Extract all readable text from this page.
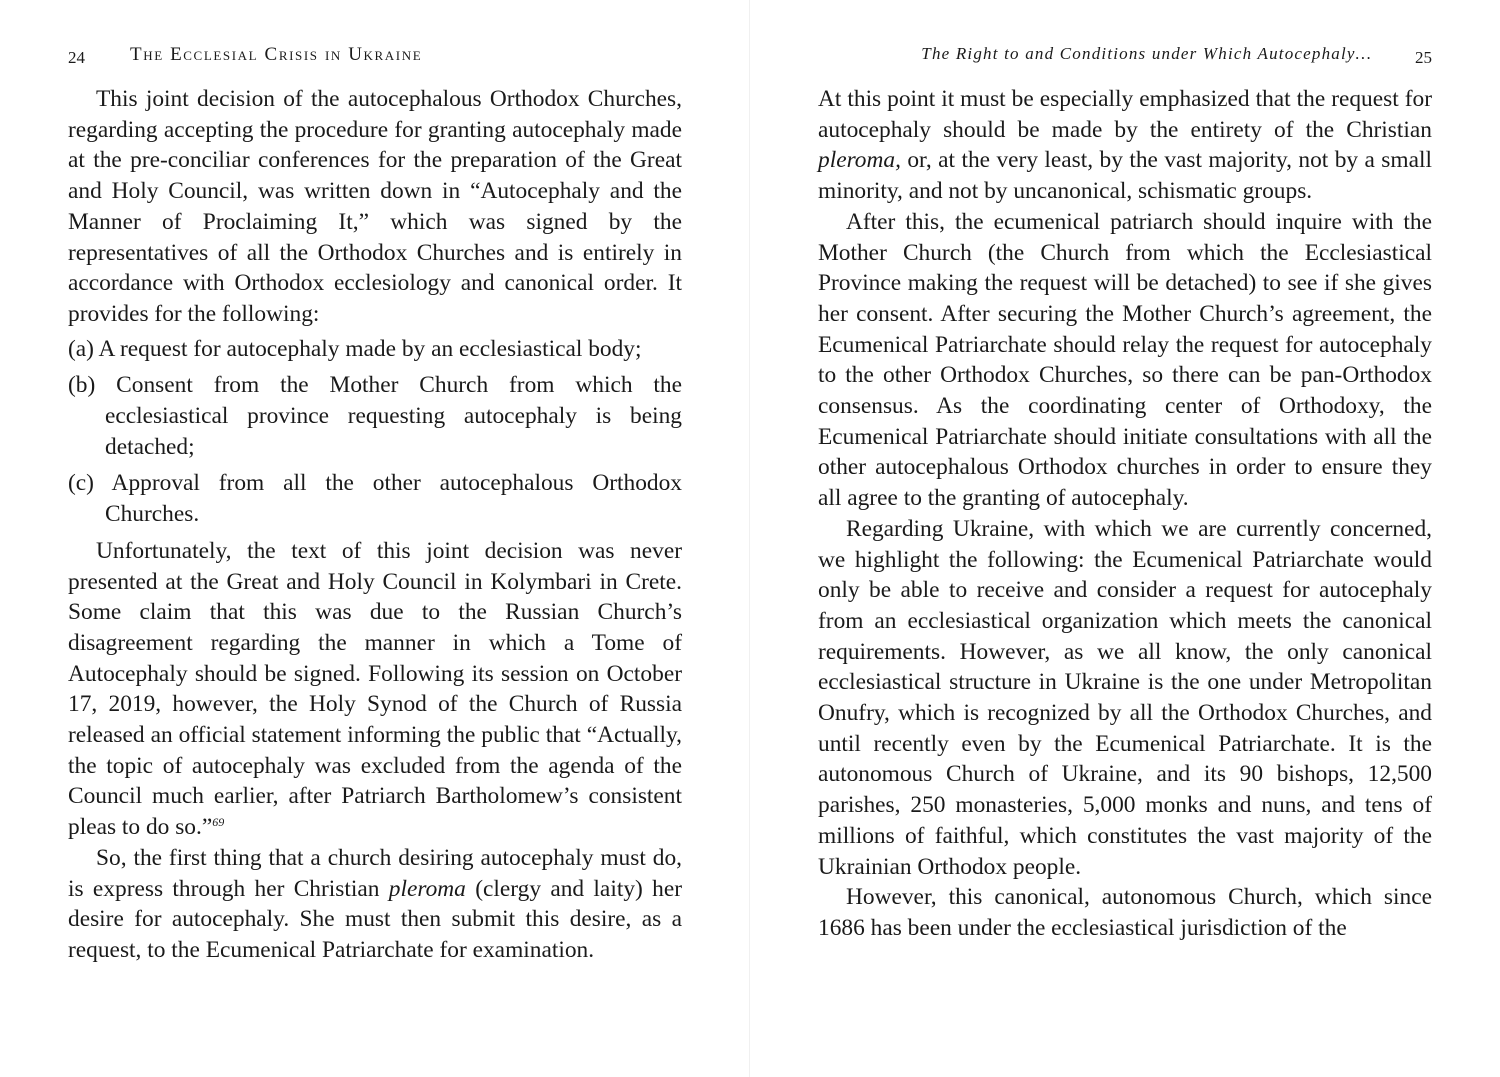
24 The Ecclesial Crisis in Ukraine

This joint decision of the autocephalous Orthodox Churches, regarding accepting the procedure for granting autocephaly made at the pre-conciliar conferences for the preparation of the Great and Holy Council, was written down in “Autocephaly and the Manner of Proclaiming It,” which was signed by the representatives of all the Orthodox Churches and is entirely in accordance with Orthodox ecclesiology and canonical order. It provides for the following:

(a) A request for autocephaly made by an ecclesiastical body;

(b) Consent from the Mother Church from which the ecclesiastical province requesting autocephaly is being detached;

(c) Approval from all the other autocephalous Orthodox Churches.

Unfortunately, the text of this joint decision was never presented at the Great and Holy Council in Kolymbari in Crete. Some claim that this was due to the Russian Church’s disagreement regarding the manner in which a Tome of Autocephaly should be signed. Following its session on October 17, 2019, however, the Holy Synod of the Church of Russia released an official statement informing the public that “Actually, the topic of autocephaly was excluded from the agenda of the Council much earlier, after Patriarch Bartholomew’s consistent pleas to do so.”$^{69}$

So, the first thing that a church desiring autocephaly must do, is express through her Christian pleroma (clergy and laity) her desire for autocephaly. She must then submit this desire, as a request, to the Ecumenical Patriarchate for examination.

The Right to and Conditions under Which Autocephaly…	25

At this point it must be especially emphasized that the request for autocephaly should be made by the entirety of the Christian pleroma, or, at the very least, by the vast majority, not by a small minority, and not by uncanonical, schismatic groups.

After this, the ecumenical patriarch should inquire with the Mother Church (the Church from which the Ecclesiastical Province making the request will be detached) to see if she gives her consent. After securing the Mother Church’s agreement, the Ecumenical Patriarchate should relay the request for autocephaly to the other Orthodox Churches, so there can be pan-Orthodox consensus. As the coordinating center of Orthodoxy, the Ecumenical Patriarchate should initiate consultations with all the other autocephalous Orthodox churches in order to ensure they all agree to the granting of autocephaly.

Regarding Ukraine, with which we are currently concerned, we highlight the following: the Ecumenical Patriarchate would only be able to receive and consider a request for autocephaly from an ecclesiastical organization which meets the canonical requirements. However, as we all know, the only canonical ecclesiastical structure in Ukraine is the one under Metropolitan Onufry, which is recognized by all the Orthodox Churches, and until recently even by the Ecumenical Patriarchate. It is the autonomous Church of Ukraine, and its 90 bishops, 12,500 parishes, 250 monasteries, 5,000 monks and nuns, and tens of millions of faithful, which constitutes the vast majority of the Ukrainian Orthodox people.

However, this canonical, autonomous Church, which since 1686 has been under the ecclesiastical jurisdiction of the
